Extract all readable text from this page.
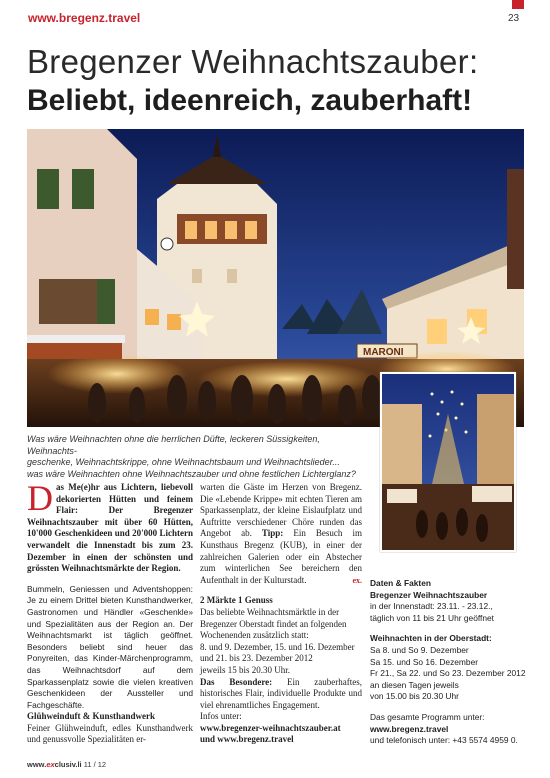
www.bregenz.travel	23
Bregenzer Weihnachtszauber:
Beliebt, ideenreich, zauberhaft!
MARONI
Was wäre Weihnachten ohne die herrlichen Düfte, leckeren Süssigkeiten, Weihnachts-
geschenke, Weihnachtskrippe, ohne Weihnachtsbaum und Weihnachtslieder...
was wäre Weihnachten ohne Weihnachtszauber und ohne festlichen Lichterglanz?

Das Me(e)hr aus Lichtern, liebevoll dekorierten Hütten und feinem Flair: Der Bregenzer Weihnachtszauber mit über 60 Hütten, 10'000 Geschenkideen und 20'000 Lichtern verwandelt die Innenstadt bis zum 23. Dezember in einen der schönsten und grössten Weihnachtsmärkte der Region.

Bummeln, Geniessen und Adventshoppen: Je zu einem Drittel bieten Kunsthandwerker, Gastronomen und Händler «Geschenkle» und Spezialitäten aus der Region an. Der Weihnachtsmarkt ist täglich geöffnet. Besonders beliebt sind heuer das Ponyreiten, das Kinder-Märchenprogramm, das Weihnachtsdorf auf dem Sparkassenplatz sowie die vielen kreativen Geschenkideen der Aussteller und Fachgeschäfte.

Glühweinduft & Kunsthandwerk

Feiner Glühweinduft, edles Kunsthandwerk und genussvolle Spezialitäten er-

warten die Gäste im Herzen von Bregenz. Die «Lebende Krippe» mit echten Tieren am Sparkassenplatz, der kleine Eislaufplatz und Auftritte verschiedener Chöre runden das Angebot ab. Tipp: Ein Besuch im Kunsthaus Bregenz (KUB), in einer der zahlreichen Galerien oder ein Abstecher zum winterlichen See bereichern den Aufenthalt in der Kulturstadt.	ex.

2 Märkte 1 Genuss

Das beliebte Weihnachtsmärktle in der Bregenzer Oberstadt findet an folgenden Wochenenden zusätzlich statt:

8. und 9. Dezember, 15. und 16. Dezember

und 21. bis 23. Dezember 2012

jeweils 15 bis 20.30 Uhr.

Das Besondere: Ein zauberhaftes, historisches Flair, individuelle Produkte und viel ehrenamtliches Engagement.

Infos unter:

www.bregenzer-weihnachtszauber.at

und www.bregenz.travel

Daten & Fakten

Bregenzer Weihnachtszauber

in der Innenstadt: 23.11. - 23.12.,

täglich von 11 bis 21 Uhr geöffnet

Weihnachten in der Oberstadt:

Sa 8. und So 9. Dezember

Sa 15. und So 16. Dezember

Fr 21., Sa 22. und So 23. Dezember 2012

an diesen Tagen jeweils

von 15.00 bis 20.30 Uhr

Das gesamte Programm unter:

www.bregenz.travel

und telefonisch unter: +43 5574 4959 0.

www.exclusiv.li 11 / 12
